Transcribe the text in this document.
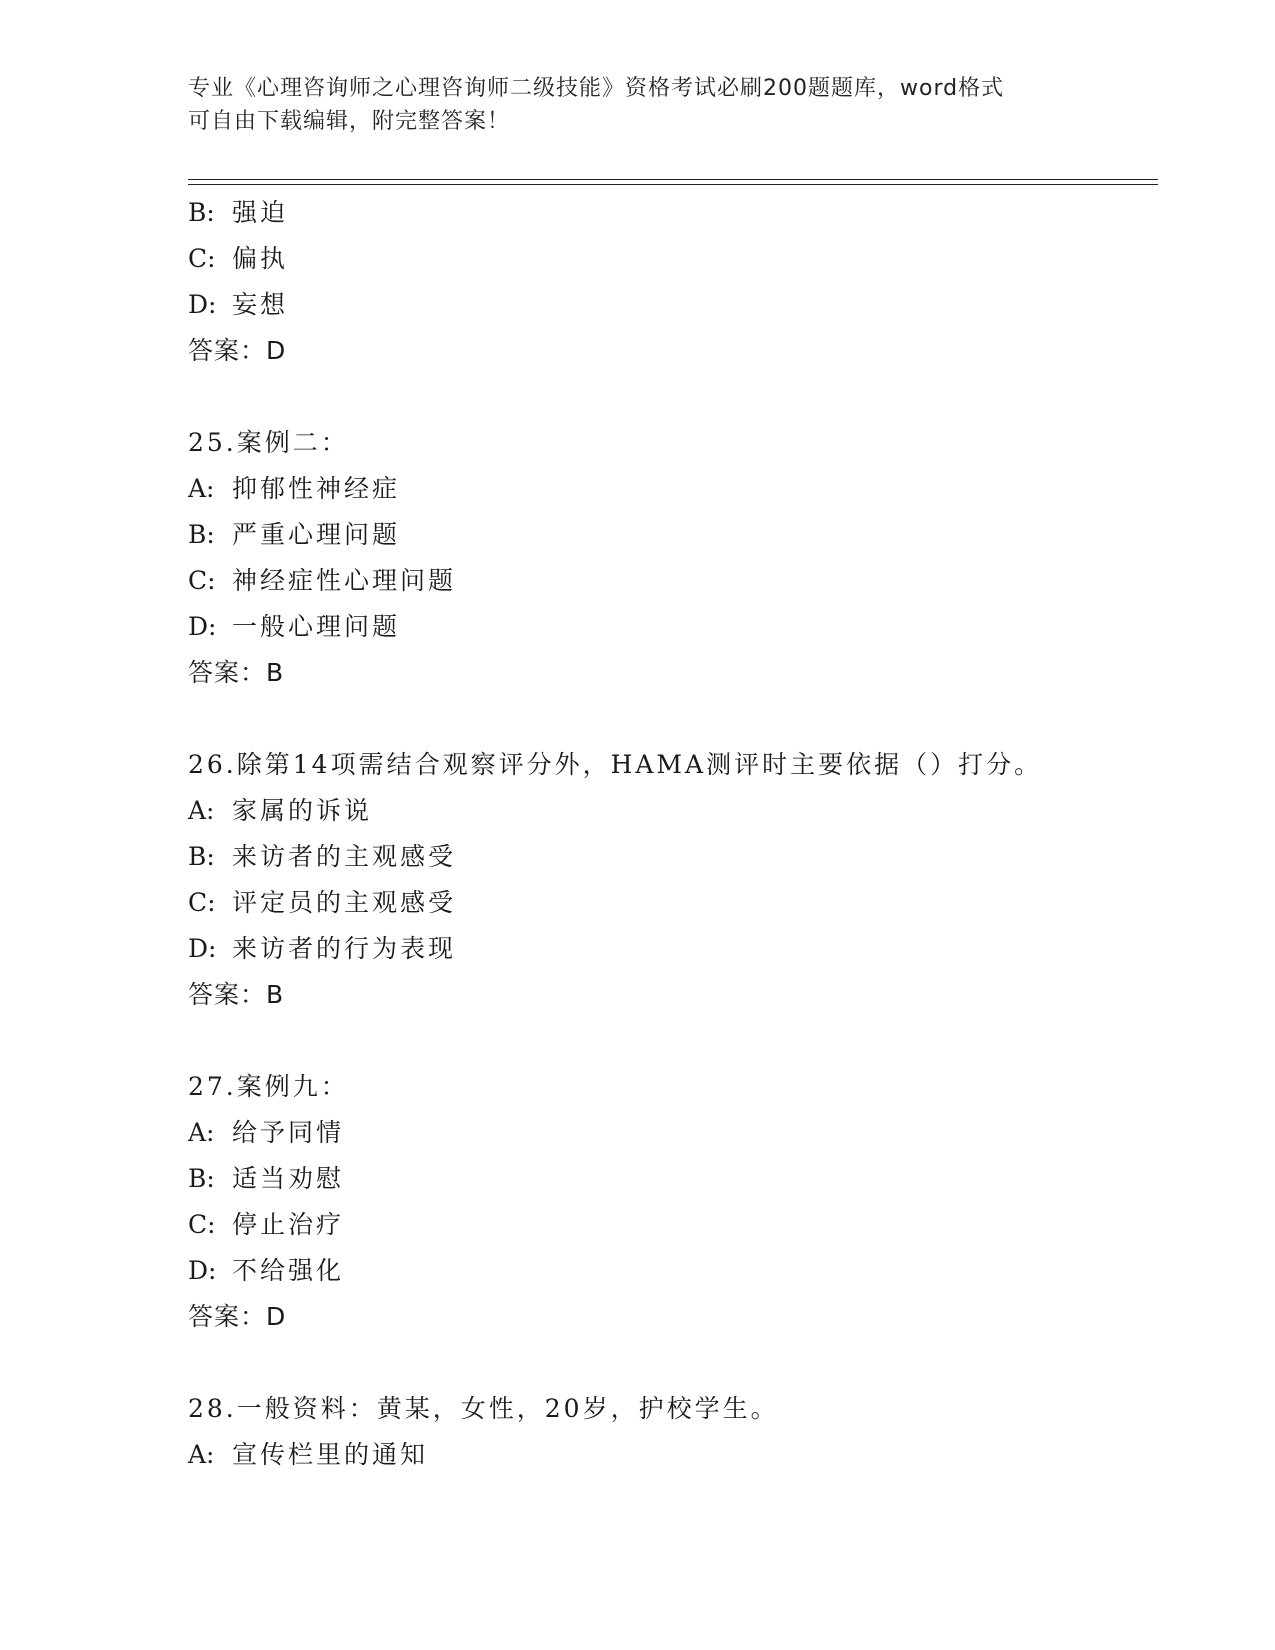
专业《心理咨询师之心理咨询师二级技能》资格考试必刷200题题库，word格式
可自由下载编辑，附完整答案！
B: 强迫
C: 偏执
D: 妄想
答案：D
25.案例二：
A: 抑郁性神经症
B: 严重心理问题
C: 神经症性心理问题
D: 一般心理问题
答案：B
26.除第14项需结合观察评分外，HAMA测评时主要依据（）打分。
A: 家属的诉说
B: 来访者的主观感受
C: 评定员的主观感受
D: 来访者的行为表现
答案：B
27.案例九：
A: 给予同情
B: 适当劝慰
C: 停止治疗
D: 不给强化
答案：D
28.一般资料：黄某，女性，20岁，护校学生。
A: 宣传栏里的通知
